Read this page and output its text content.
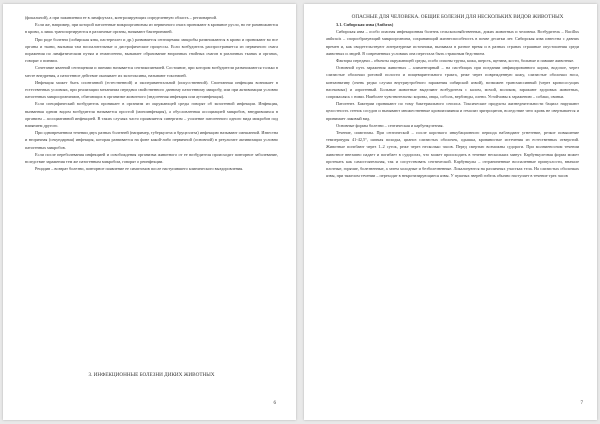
(фокальной), а при заживлении ее в лимфоузлах, контролирующих определенную область – регионарной.

Если же, например, при которой патогенные микроорганизмы из первичного очага проникают в кровяное русло, но не размножаются в крови, а лишь транспортируются в различные органы, называют бактериемией.

При роде болезни (сибирская язва, пастереллез и др.) развивается септицемия: микробы размножаются в крови и проникают во все органы и ткани, вызывая там воспалительные и дистрофические процессы. Если возбудитель распространяется из первичного очага поражения по лимфатическим путям и гематогенно, вызывает образование вторичных гнойных очагов в различных тканях и органах, говорят о пиемии.

Сочетание явлений септицемии и пиемии называется септикопиемией. Состояние, при котором возбудители размножаются только в месте внедрения, а патогенное действие оказывает их экзотоксины, называют токсемией.

Инфекция может быть спонтанной (естественной) и экспериментальной (искусственной). Спонтанная инфекция возникает в естественных условиях, при реализации механизма передачи свойственного данному патогенному микробу, или при активизации условно патогенных микроорганизмов, обитающих в организме животного (эндогенная инфекция или аутоинфекция).

Если специфический возбудитель проникает в организм из окружающей среды говорят об экзогенной инфекции. Инфекция, вызванная одним видом возбудителя называется простой (моноинфекция), а обусловленная ассоциацией микробов, внедрившихся в организм – ассоциативной инфекцией. В таких случаях часто проявляется синергизм – усиление патогенного одного вида микробов под влиянием другого.

При одновременном течении двух разных болезней (например, туберкулеза и бруцеллеза) инфекцию называют смешанной. Известна и вторичная (секундарная) инфекция, которая развивается на фоне какой-либо первичной (основной) в результате активизации условно патогенных микробов.

Если после переболевания инфекцией и освобождения организма животного от ее возбудителя происходит повторное заболевание, вследствие заражения тем же патогенным микробом, говорят о реинфекции.

Рецидив – возврат болезни, повторное появление ее симптомов после наступившего клинического выздоровления.

3. ИНФЕКЦИОННЫЕ БОЛЕЗНИ ДИКИХ ЖИВОТНЫХ
6

ОПАСНЫЕ ДЛЯ ЧЕЛОВЕКА. ОБЩИЕ БОЛЕЗНИ ДЛЯ НЕСКОЛЬКИХ ВИДОВ ЖИВОТНЫХ

3.1. Сибирская язва (Anthrax)

Сибирская язва – особо опасная инфекционная болезнь сельскохозяйственных, диких животных и человека. Возбудитель – Bacillus anthracis – спорообразующий микроорганизм, сохраняющий жизнеспособность в почве десятки лет. Сибирская язва известна с давних времен и, как свидетельствуют литературные источники, вызывала в разное время и в разных странах страшные опустошения среди животных и людей. В современных условиях она перестала быть страшным бедствием.

Факторы передачи – объекты окружающей среды, особо опасны трупы, кожа, шерсть, щетина, кости, больные и павшие животные.

Основной путь заражения животных – алиментарный – на пастбищах при поедании инфицированного корма, водопое, через слизистые оболочки ротовой полости и пищеварительного тракта, реже через поврежденную кожу, слизистые оболочки носа, конъюнктиву (очень редко случаи внутриутробного заражения сибирской язвой), возможен трансмиссивный (через кровососущих насекомых) и аэрогенный. Больные животные выделяют возбудителя с калом, мочой, молоком, заражают здоровых животных, соприкасаясь с ними. Наиболее чувствительны: коровы, овцы, соболь, верблюды, олени. Устойчивы к заражению – собаки, свиньи.

Патогенез. Бактерии проникают по тому бактериального сепсиса. Токсические продукты жизнедеятельности бацилл нарушают целостность стенок сосудов и вызывают множественные кровоизлияния и гемолиз эритроцитов, вследствие чего кровь не свертывается и принимает лаковый вид.

Основные формы болезни – септическая и карбункулезная.

Течение, симптомы. При септической – после короткого инкубационного периода наблюдают угнетение, резкое повышение температуры 41-42,5°, шаткая походка, цианоз слизистых оболочек, одышка, кровянистые истечения из естественных отверстий. Животные погибают через 1–2 суток, реже через несколько часов. Перед смертью возможны судороги. При молниеносном течении животное внезапно падает и погибает в судорогах, что может происходить в течение нескольких минут. Карбункулезная форма может протекать как самостоятельная, так и сопутствовать септической. Карбункулы – отграниченные воспаленные припухлости, вначале плотные, горячие, болезненные, а затем холодные и безболезненные. Локализуются на различных участках тела. На слизистых оболочках язвы, при тяжелом течении – переходят в некротизирующиеся язвы. У пушных зверей гибель обычно наступает в течение трех часов

7
